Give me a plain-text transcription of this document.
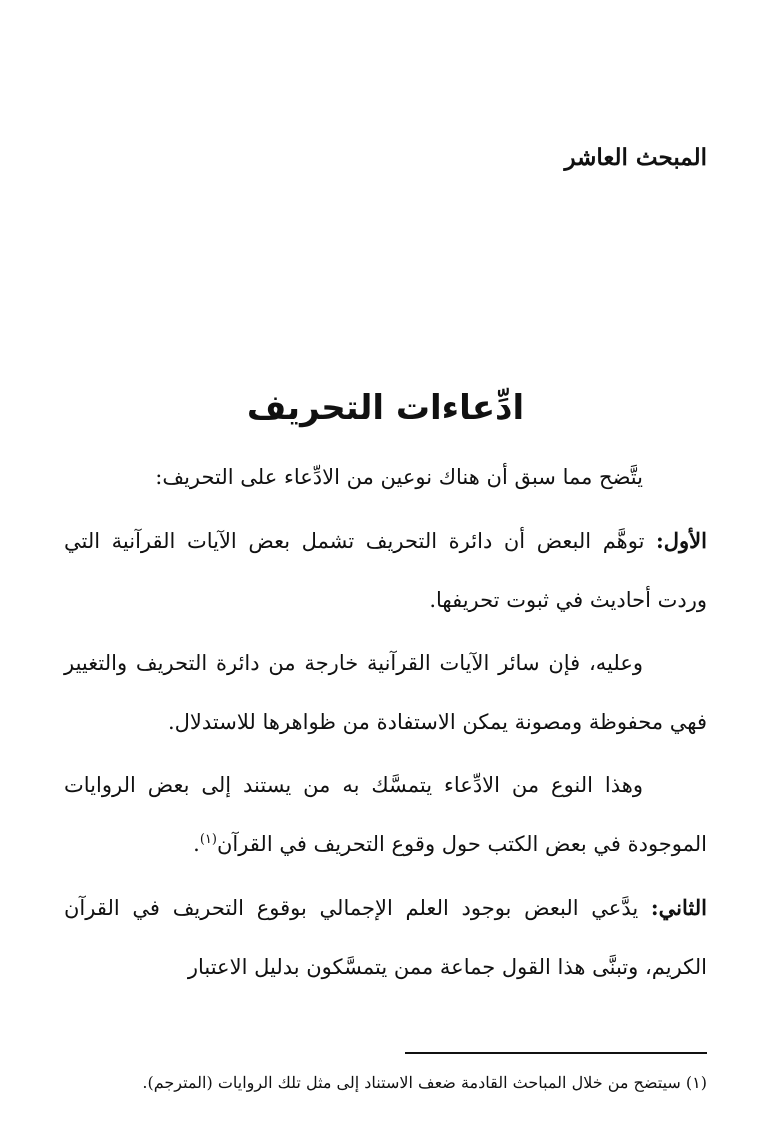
المبحث العاشر
ادِّعاءات التحريف

يتَّضح مما سبق أن هناك نوعين من الادِّعاء على التحريف:

الأول: توهَّم البعض أن دائرة التحريف تشمل بعض الآيات القرآنية التي وردت أحاديث في ثبوت تحريفها.

وعليه، فإن سائر الآيات القرآنية خارجة من دائرة التحريف والتغيير فهي محفوظة ومصونة يمكن الاستفادة من ظواهرها للاستدلال.

وهذا النوع من الادِّعاء يتمسَّك به من يستند إلى بعض الروايات الموجودة في بعض الكتب حول وقوع التحريف في القرآن$^{(١)}$.

الثاني: يدَّعي البعض بوجود العلم الإجمالي بوقوع التحريف في القرآن الكريم، وتبنَّى هذا القول جماعة ممن يتمسَّكون بدليل الاعتبار

(١) سيتضح من خلال المباحث القادمة ضعف الاستناد إلى مثل تلك الروايات (المترجم).
